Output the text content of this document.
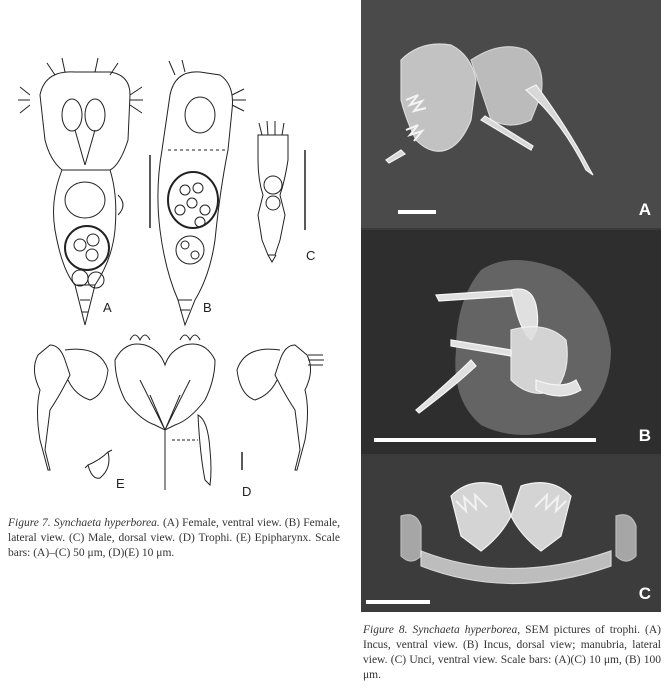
A	B
C
D
E
Figure 7. Synchaeta hyperborea. (A) Female, ventral view. (B) Female, lateral view. (C) Male, dorsal view. (D) Trophi. (E) Epipharynx. Scale bars: (A)–(C) 50 μm, (D)(E) 10 μm.
A
B
C
Figure 8. Synchaeta hyperborea, SEM pictures of trophi. (A) Incus, ventral view. (B) Incus, dorsal view; manubria, lateral view. (C) Unci, ventral view. Scale bars: (A)(C) 10 μm, (B) 100 μm.
